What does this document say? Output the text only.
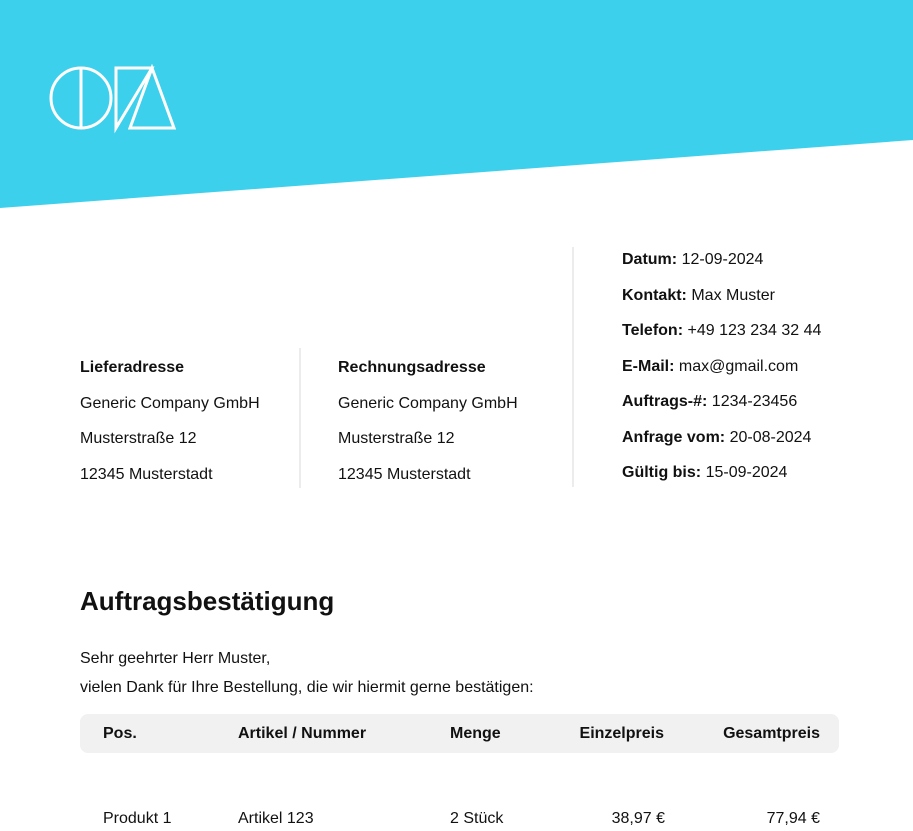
Lieferadresse
Generic Company GmbH
Musterstraße 12
12345 Musterstadt
Rechnungsadresse
Generic Company GmbH
Musterstraße 12
12345 Musterstadt
Datum: 12-09-2024
Kontakt: Max Muster
Telefon: +49 123 234 32 44
E-Mail: max@gmail.com
Auftrags-#: 1234-23456
Anfrage vom: 20-08-2024
Gültig bis: 15-09-2024
Auftragsbestätigung
Sehr geehrter Herr Muster,
vielen Dank für Ihre Bestellung, die wir hiermit gerne bestätigen:
Pos.	Artikel / Nummer	Menge	Einzelpreis	Gesamtpreis
Produkt 1	Artikel 123	2 Stück	38,97 €	77,94 €
